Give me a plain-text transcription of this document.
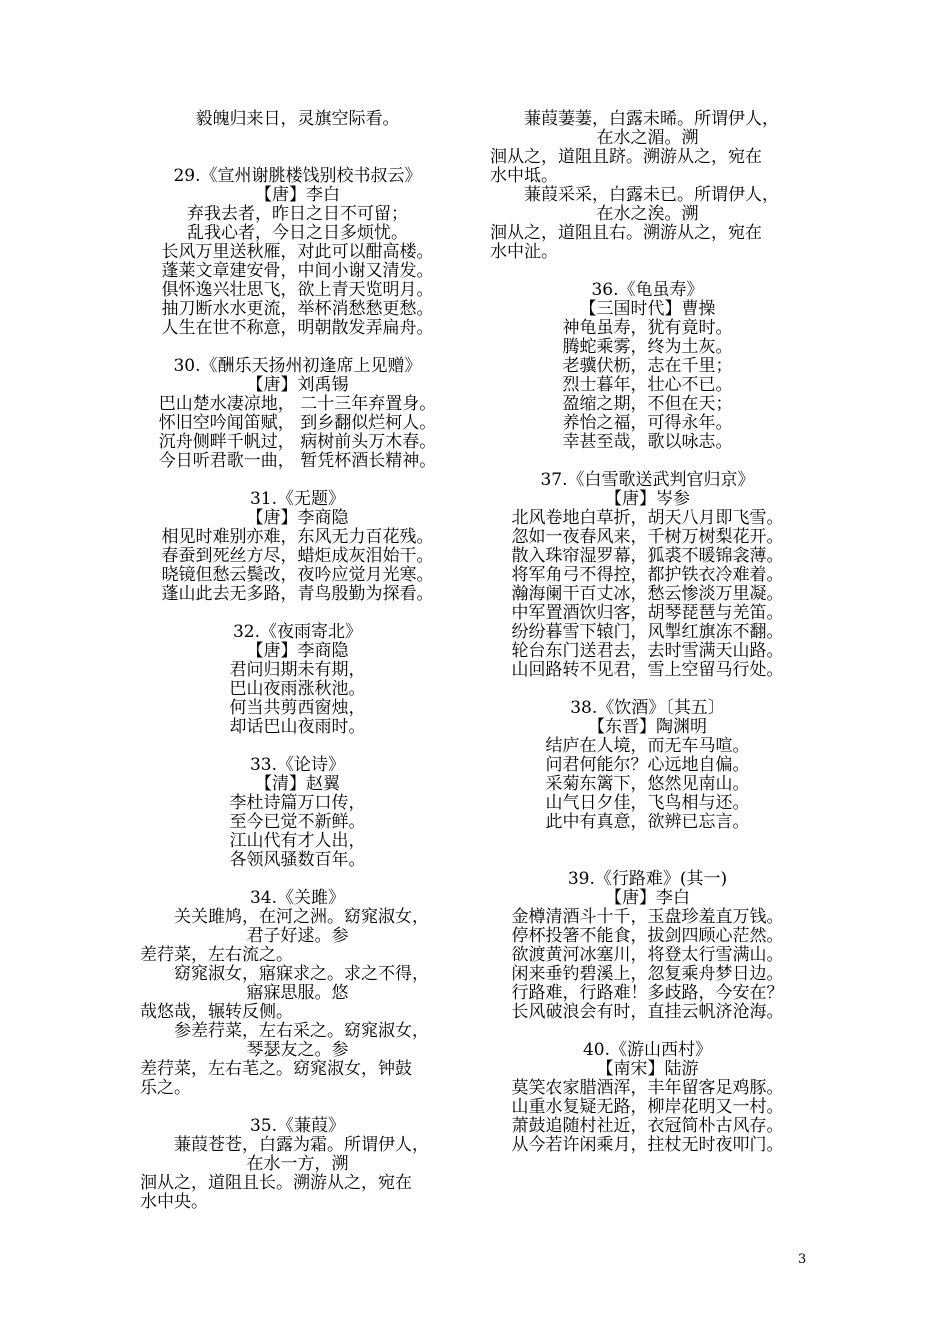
毅魄归来日，灵旗空际看。
29.《宣州谢朓楼饯别校书叔云》
【唐】李白
弃我去者，昨日之日不可留；
乱我心者，今日之日多烦忧。
长风万里送秋雁，对此可以酣高楼。
蓬莱文章建安骨，中间小谢又清发。
俱怀逸兴壮思飞，欲上青天览明月。
抽刀断水水更流，举杯消愁愁更愁。
人生在世不称意，明朝散发弄扁舟。
30.《酬乐天扬州初逢席上见赠》
【唐】刘禹锡
巴山楚水凄凉地， 二十三年弃置身。
怀旧空吟闻笛赋， 到乡翻似烂柯人。
沉舟侧畔千帆过， 病树前头万木春。
今日听君歌一曲， 暂凭杯酒长精神。
31.《无题》
【唐】李商隐
相见时难别亦难，东风无力百花残。
春蚕到死丝方尽，蜡炬成灰泪始干。
晓镜但愁云鬓改，夜吟应觉月光寒。
蓬山此去无多路，青鸟殷勤为探看。
32.《夜雨寄北》
【唐】李商隐
君问归期未有期，
巴山夜雨涨秋池。
何当共剪西窗烛，
却话巴山夜雨时。
33.《论诗》
【清】赵翼
李杜诗篇万口传，
至今已觉不新鲜。
江山代有才人出，
各领风骚数百年。
34.《关雎》
关关雎鸠，在河之洲。窈窕淑女，
君子好逑。参
差荇菜，左右流之。
窈窕淑女，寤寐求之。求之不得，
寤寐思服。悠
哉悠哉，辗转反侧。
参差荇菜，左右采之。窈窕淑女，
琴瑟友之。参
差荇菜，左右芼之。窈窕淑女，钟鼓
乐之。
35.《蒹葭》
蒹葭苍苍，白露为霜。所谓伊人，
在水一方，溯
洄从之，道阻且长。溯游从之，宛在
水中央。
蒹葭萋萋，白露未晞。所谓伊人，
在水之湄。溯
洄从之，道阻且跻。溯游从之，宛在
水中坻。
蒹葭采采，白露未已。所谓伊人，
在水之涘。溯
洄从之，道阻且右。溯游从之，宛在
水中沚。
36.《龟虽寿》
【三国时代】曹操
神龟虽寿，犹有竟时。
腾蛇乘雾，终为土灰。
老骥伏枥，志在千里；
烈士暮年，壮心不已。
盈缩之期，不但在天；
养怡之福，可得永年。
幸甚至哉，歌以咏志。
37.《白雪歌送武判官归京》
【唐】岑参
北风卷地白草折，胡天八月即飞雪。
忽如一夜春风来，千树万树梨花开。
散入珠帘湿罗幕，狐裘不暖锦衾薄。
将军角弓不得控，都护铁衣冷难着。
瀚海阑干百丈冰，愁云惨淡万里凝。
中军置酒饮归客，胡琴琵琶与羌笛。
纷纷暮雪下辕门，风掣红旗冻不翻。
轮台东门送君去，去时雪满天山路。
山回路转不见君，雪上空留马行处。
38.《饮酒》〔其五〕
【东晋】陶渊明
结庐在人境，而无车马喧。
问君何能尔？心远地自偏。
采菊东篱下，悠然见南山。
山气日夕佳，飞鸟相与还。
此中有真意，欲辨已忘言。
39.《行路难》(其一)
【唐】李白
金樽清酒斗十千，玉盘珍羞直万钱。
停杯投箸不能食，拔剑四顾心茫然。
欲渡黄河冰塞川，将登太行雪满山。
闲来垂钓碧溪上，忽复乘舟梦日边。
行路难，行路难！多歧路，今安在？
长风破浪会有时，直挂云帆济沧海。
40.《游山西村》
【南宋】陆游
莫笑农家腊酒浑，丰年留客足鸡豚。
山重水复疑无路，柳岸花明又一村。
萧鼓追随村社近，衣冠简朴古风存。
从今若许闲乘月，拄杖无时夜叩门。
3
